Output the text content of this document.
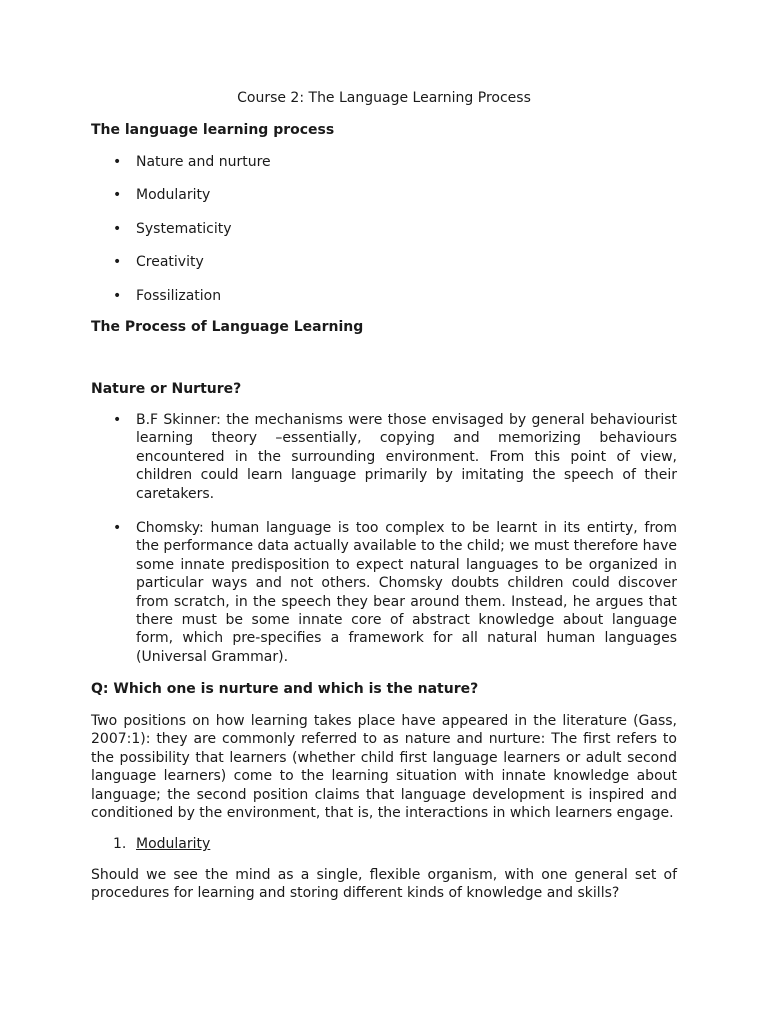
Course 2: The Language Learning Process

The language learning process

• Nature and nurture
• Modularity
• Systematicity
• Creativity
• Fossilization

The Process of Language Learning

Nature or Nurture?

• B.F Skinner: the mechanisms were those envisaged by general behaviourist learning theory –essentially, copying and memorizing behaviours encountered in the surrounding environment. From this point of view, children could learn language primarily by imitating the speech of their caretakers.
• Chomsky: human language is too complex to be learnt in its entirty, from the performance data actually available to the child; we must therefore have some innate predisposition to expect natural languages to be organized in particular ways and not others. Chomsky doubts children could discover from scratch, in the speech they bear around them. Instead, he argues that there must be some innate core of abstract knowledge about language form, which pre-specifies a framework for all natural human languages (Universal Grammar).

Q: Which one is nurture and which is the nature?

Two positions on how learning takes place have appeared in the literature (Gass, 2007:1): they are commonly referred to as nature and nurture: The first refers to the possibility that learners (whether child first language learners or adult second language learners) come to the learning situation with innate knowledge about language; the second position claims that language development is inspired and conditioned by the environment, that is, the interactions in which learners engage.

1. Modularity

Should we see the mind as a single, flexible organism, with one general set of procedures for learning and storing different kinds of knowledge and skills?
